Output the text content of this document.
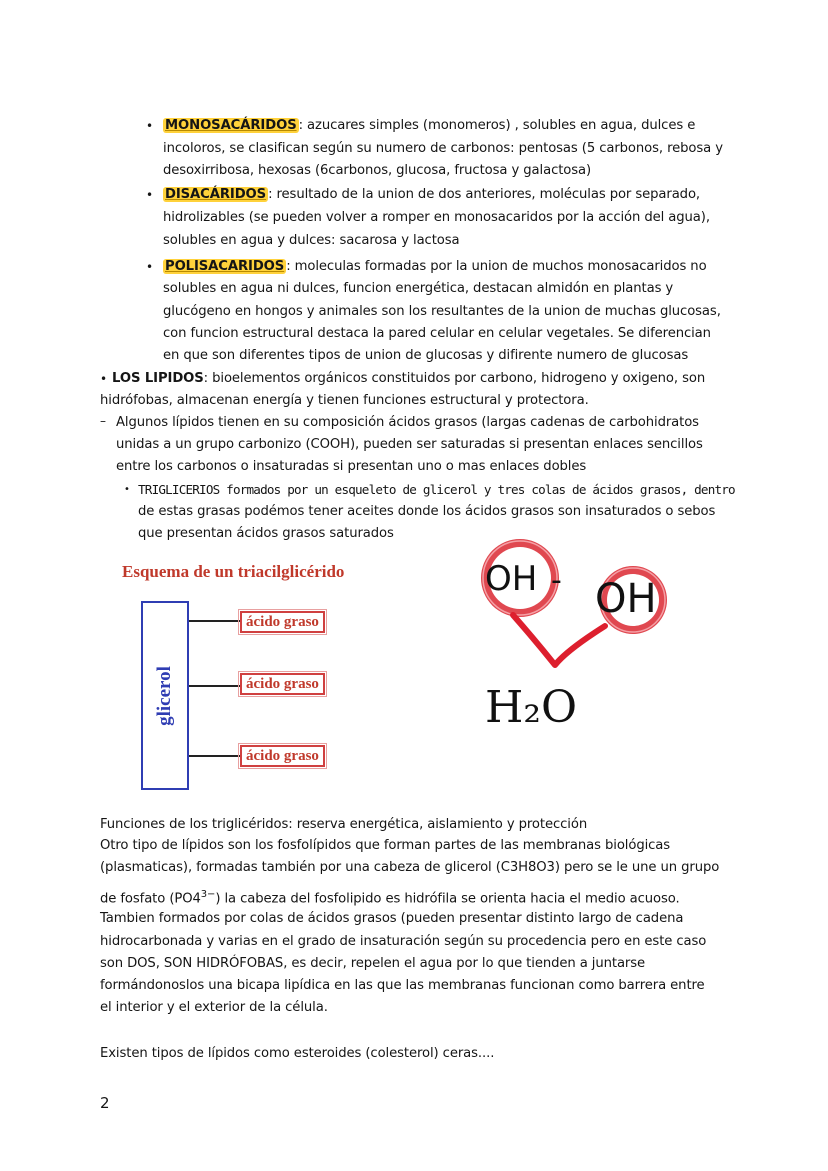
• MONOSACÁRIDOS : azucares simples (monomeros) , solubles en agua, dulces e
incoloros, se clasifican según su numero de carbonos: pentosas (5 carbonos, rebosa y
desoxirribosa, hexosas (6carbonos, glucosa, fructosa y galactosa)
• DISACÁRIDOS : resultado de la union de dos anteriores, moléculas por separado,
hidrolizables (se pueden volver a romper en monosacaridos por la acción del agua),
solubles en agua y dulces: sacarosa y lactosa
• POLISACARIDOS : moleculas formadas por la union de muchos monosacaridos no
solubles en agua ni dulces, funcion energética, destacan almidón en plantas y
glucógeno en hongos y animales son los resultantes de la union de muchas glucosas,
con funcion estructural destaca la pared celular en celular vegetales. Se diferencian
en que son diferentes tipos de union de glucosas y difirente numero de glucosas
• LOS LIPIDOS: bioelementos orgánicos constituidos por carbono, hidrogeno y oxigeno, son
hidrófobas, almacenan energía y tienen funciones estructural y protectora.
– Algunos lípidos tienen en su composición ácidos grasos (largas cadenas de carbohidratos
unidas a un grupo carbonizo (COOH), pueden ser saturadas si presentan enlaces sencillos
entre los carbonos o insaturadas si presentan uno o mas enlaces dobles
• TRIGLICERIOS formados por un esqueleto de glicerol y tres colas de ácidos grasos, dentro
de estas grasas podémos tener aceites donde los ácidos grasos son insaturados o sebos
que presentan ácidos grasos saturados
Esquema de un triacilglicérido
glicerol
ácido graso
ácido graso
ácido graso
OH - OH
H₂O
Funciones de los triglicéridos: reserva energética, aislamiento y protección
Otro tipo de lípidos son los fosfolípidos que forman partes de las membranas biológicas
(plasmaticas), formadas también por una cabeza de glicerol (C3H8O3) pero se le une un grupo
de fosfato $(PO4^{3-})$ la cabeza del fosfolipido es hidrófila se orienta hacia el medio acuoso.
Tambien formados por colas de ácidos grasos (pueden presentar distinto largo de cadena
hidrocarbonada y varias en el grado de insaturación según su procedencia pero en este caso
son DOS, SON HIDRÓFOBAS, es decir, repelen el agua por lo que tienden a juntarse
formándonoslos una bicapa lipídica en las que las membranas funcionan como barrera entre
el interior y el exterior de la célula.
Existen tipos de lípidos como esteroides (colesterol) ceras....
2
